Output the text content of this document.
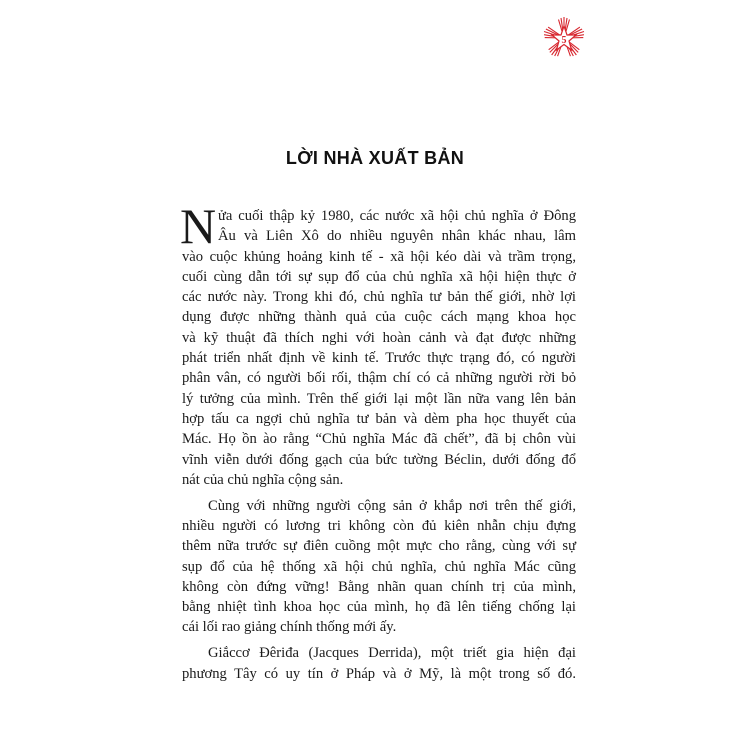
5
LỜI NHÀ XUẤT BẢN
N ửa cuối thập kỷ 1980, các nước xã hội chủ nghĩa ở Đông
Âu và Liên Xô do nhiều nguyên nhân khác nhau, lâm
vào cuộc khủng hoảng kinh tế - xã hội kéo dài và trầm trọng,
cuối cùng dẫn tới sự sụp đổ của chủ nghĩa xã hội hiện thực ở
các nước này. Trong khi đó, chủ nghĩa tư bản thế giới, nhờ lợi
dụng được những thành quả của cuộc cách mạng khoa học
và kỹ thuật đã thích nghi với hoàn cảnh và đạt được những
phát triển nhất định về kinh tế. Trước thực trạng đó, có người
phân vân, có người bối rối, thậm chí có cả những người rời bỏ
lý tưởng của mình. Trên thế giới lại một lần nữa vang lên bản
hợp tấu ca ngợi chủ nghĩa tư bản và dèm pha học thuyết của
Mác. Họ ồn ào rằng “Chủ nghĩa Mác đã chết”, đã bị chôn vùi
vĩnh viễn dưới đống gạch của bức tường Béclin, dưới đống đổ
nát của chủ nghĩa cộng sản.
Cùng với những người cộng sản ở khắp nơi trên thế giới,
nhiều người có lương tri không còn đủ kiên nhẫn chịu đựng
thêm nữa trước sự điên cuồng một mực cho rằng, cùng với sự
sụp đổ của hệ thống xã hội chủ nghĩa, chủ nghĩa Mác cũng
không còn đứng vững! Bằng nhãn quan chính trị của mình,
bằng nhiệt tình khoa học của mình, họ đã lên tiếng chống lại
cái lối rao giảng chính thống mới ấy.
Giắccơ Đêriđa (Jacques Derrida), một triết gia hiện đại
phương Tây có uy tín ở Pháp và ở Mỹ, là một trong số đó.
